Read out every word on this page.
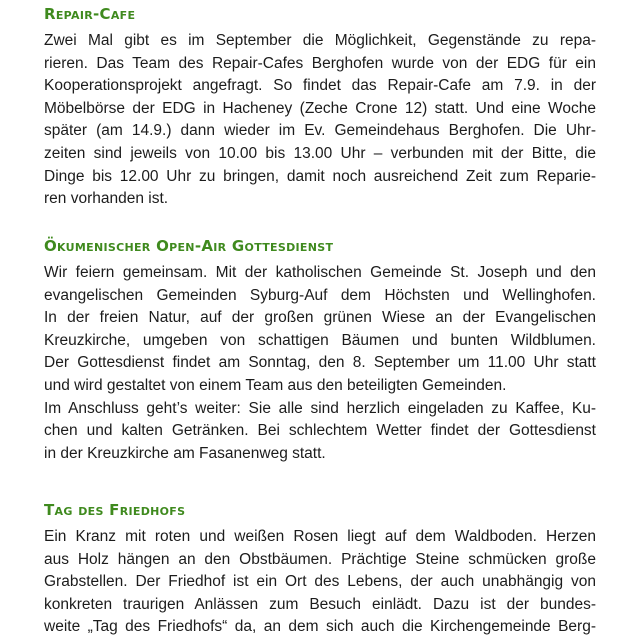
Repair-Cafe
Zwei Mal gibt es im September die Möglichkeit, Gegenstände zu repa-
rieren. Das Team des Repair-Cafes Berghofen wurde von der EDG für ein
Kooperationsprojekt angefragt. So findet das Repair-Cafe am 7.9. in der
Möbelbörse der EDG in Hacheney (Zeche Crone 12) statt. Und eine Woche
später (am 14.9.) dann wieder im Ev. Gemeindehaus Berghofen. Die Uhr-
zeiten sind jeweils von 10.00 bis 13.00 Uhr – verbunden mit der Bitte, die
Dinge bis 12.00 Uhr zu bringen, damit noch ausreichend Zeit zum Reparie-
ren vorhanden ist.
Ökumenischer Open-Air Gottesdienst
Wir feiern gemeinsam. Mit der katholischen Gemeinde St. Joseph und den
evangelischen Gemeinden Syburg-Auf dem Höchsten und Wellinghofen.
In der freien Natur, auf der großen grünen Wiese an der Evangelischen
Kreuzkirche, umgeben von schattigen Bäumen und bunten Wildblumen.
Der Gottesdienst findet am Sonntag, den 8. September um 11.00 Uhr statt
und wird gestaltet von einem Team aus den beteiligten Gemeinden.
Im Anschluss geht’s weiter: Sie alle sind herzlich eingeladen zu Kaffee, Ku-
chen und kalten Getränken. Bei schlechtem Wetter findet der Gottesdienst
in der Kreuzkirche am Fasanenweg statt.
Tag des Friedhofs
Ein Kranz mit roten und weißen Rosen liegt auf dem Waldboden. Herzen
aus Holz hängen an den Obstbäumen. Prächtige Steine schmücken große
Grabstellen. Der Friedhof ist ein Ort des Lebens, der auch unabhängig von
konkreten traurigen Anlässen zum Besuch einlädt. Dazu ist der bundes-
weite „Tag des Friedhofs“ da, an dem sich auch die Kirchengemeinde Berg-
